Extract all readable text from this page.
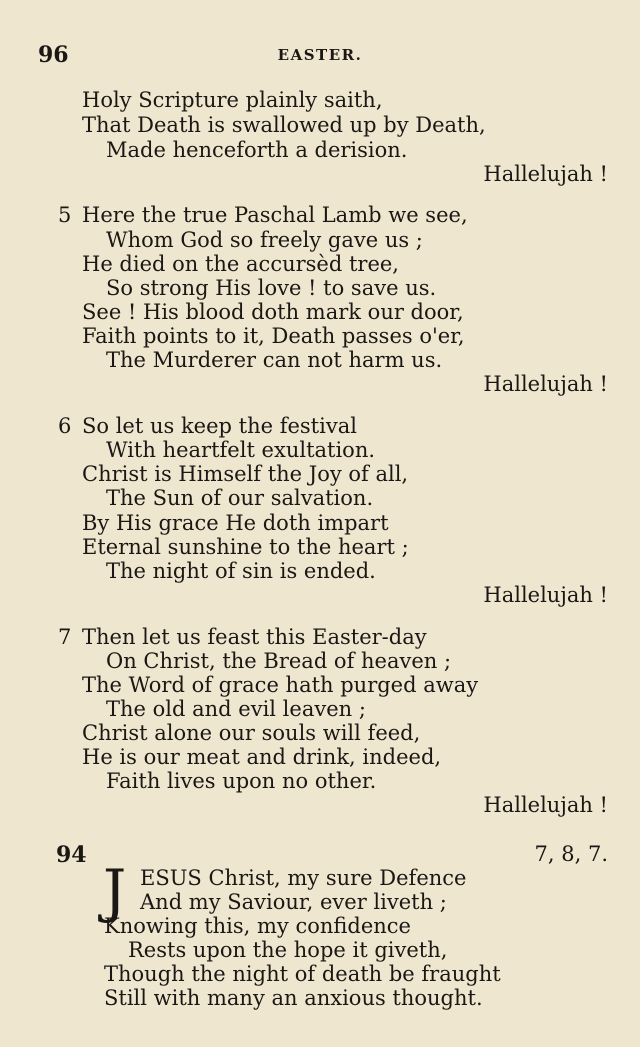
96	EASTER.
Holy Scripture plainly saith,
That Death is swallowed up by Death,
Made henceforth a derision.
Hallelujah !
5 Here the true Paschal Lamb we see,
Whom God so freely gave us ;
He died on the accursèd tree,
So strong His love ! to save us.
See ! His blood doth mark our door,
Faith points to it, Death passes o'er,
The Murderer can not harm us.
Hallelujah !
6 So let us keep the festival
With heartfelt exultation.
Christ is Himself the Joy of all,
The Sun of our salvation.
By His grace He doth impart
Eternal sunshine to the heart ;
The night of sin is ended.
Hallelujah !
7 Then let us feast this Easter-day
On Christ, the Bread of heaven ;
The Word of grace hath purged away
The old and evil leaven ;
Christ alone our souls will feed,
He is our meat and drink, indeed,
Faith lives upon no other.
Hallelujah !
94	7, 8, 7.
J ESUS Christ, my sure Defence
And my Saviour, ever liveth ;
Knowing this, my confidence
Rests upon the hope it giveth,
Though the night of death be fraught
Still with many an anxious thought.
